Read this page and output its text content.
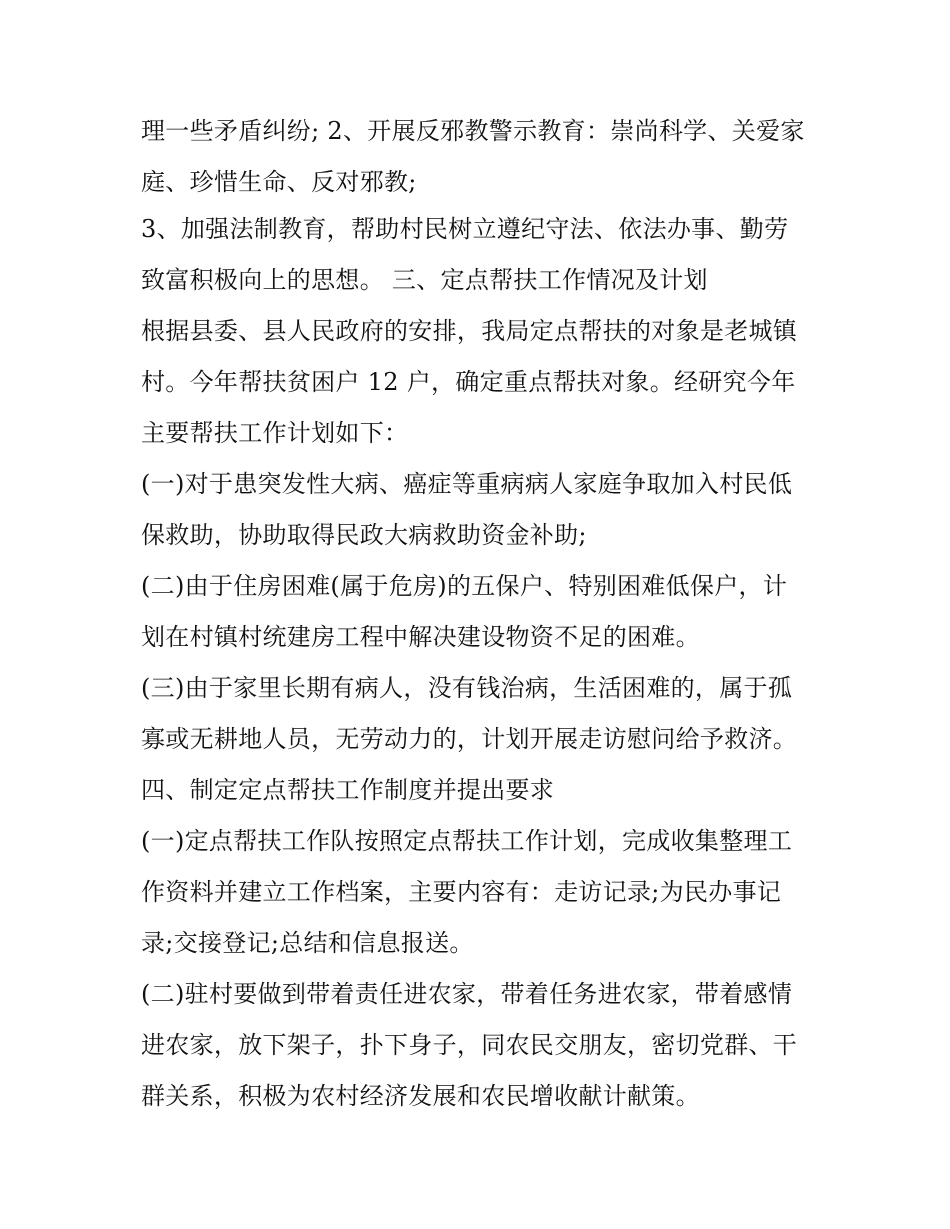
理一些矛盾纠纷; 2、开展反邪教警示教育：崇尚科学、关爱家
庭、珍惜生命、反对邪教;
3、加强法制教育，帮助村民树立遵纪守法、依法办事、勤劳
致富积极向上的思想。 三、定点帮扶工作情况及计划
根据县委、县人民政府的安排，我局定点帮扶的对象是老城镇
村。今年帮扶贫困户 12 户，确定重点帮扶对象。经研究今年
主要帮扶工作计划如下：
(一)对于患突发性大病、癌症等重病病人家庭争取加入村民低
保救助，协助取得民政大病救助资金补助;
(二)由于住房困难(属于危房)的五保户、特别困难低保户，计
划在村镇村统建房工程中解决建设物资不足的困难。
(三)由于家里长期有病人，没有钱治病，生活困难的，属于孤
寡或无耕地人员，无劳动力的，计划开展走访慰问给予救济。
四、制定定点帮扶工作制度并提出要求
(一)定点帮扶工作队按照定点帮扶工作计划，完成收集整理工
作资料并建立工作档案，主要内容有：走访记录;为民办事记
录;交接登记;总结和信息报送。
(二)驻村要做到带着责任进农家，带着任务进农家，带着感情
进农家，放下架子，扑下身子，同农民交朋友，密切党群、干
群关系，积极为农村经济发展和农民增收献计献策。
